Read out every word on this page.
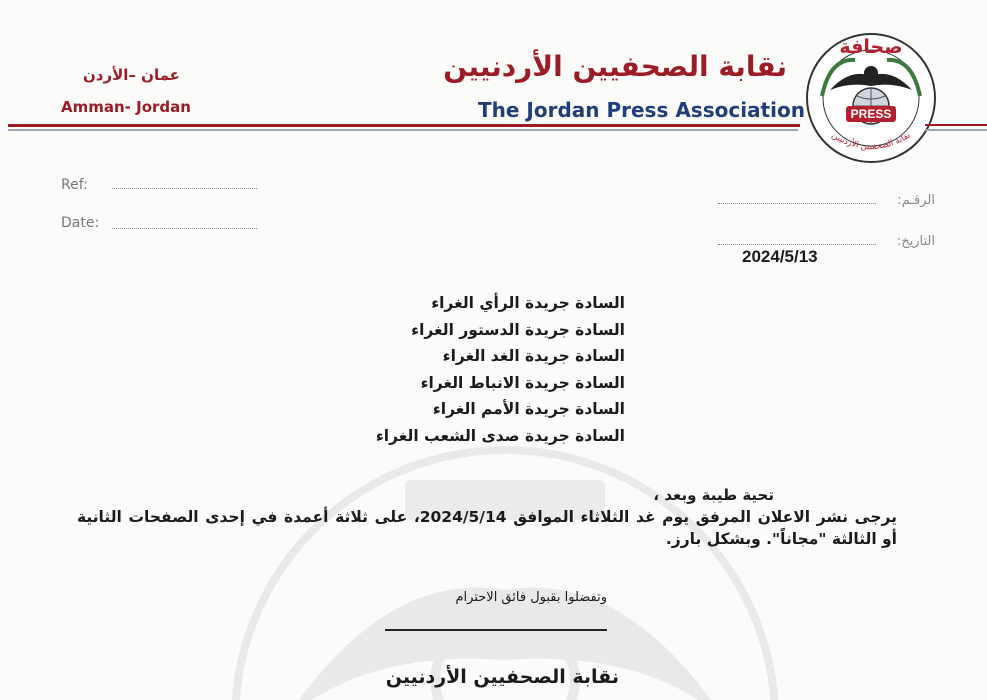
عمان –الأردن
Amman- Jordan
نقابة الصحفيين الأردنيين
The Jordan Press Association	PRESS
صحافة
نقابة الصحفيين الأردنيين
Ref:
Date:
الرقـم:
التاريخ:
2024/5/13
السادة جريدة الرأي الغراء
السادة جريدة الدستور الغراء
السادة جريدة الغد الغراء
السادة جريدة الانباط الغراء
السادة جريدة الأمم الغراء
السادة جريدة صدى الشعب الغراء
تحية طيبة وبعد ،

يرجى نشر الاعلان المرفق يوم غد الثلاثاء الموافق 2024/5/14، على ثلاثة أعمدة في إحدى الصفحات الثانية أو الثالثة "مجاناً". وبشكل بارز.

وتفضلوا بقبول فائق الاحترام
نقابة الصحفيين الأردنيين
